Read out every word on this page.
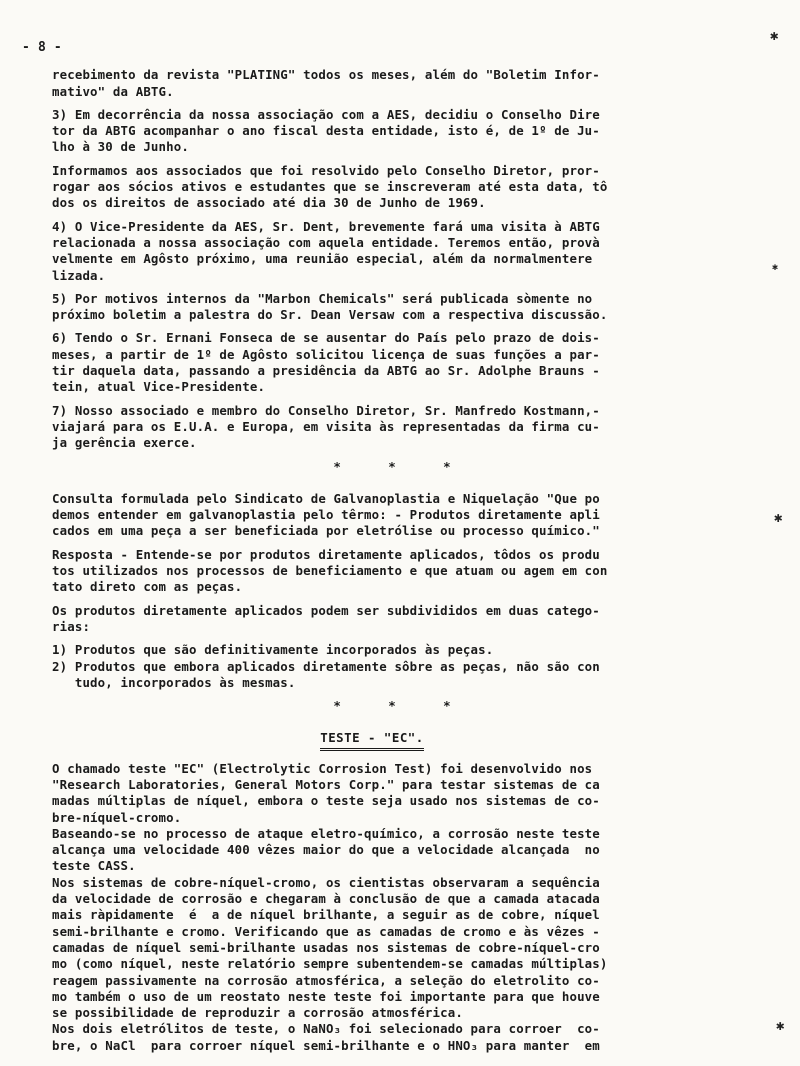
- 8 -

recebimento da revista "PLATING" todos os meses, além do "Boletim Infor-
mativo" da ABTG.

3) Em decorrência da nossa associação com a AES, decidiu o Conselho Dire
tor da ABTG acompanhar o ano fiscal desta entidade, isto é, de 1º de Ju-
lho à 30 de Junho.

Informamos aos associados que foi resolvido pelo Conselho Diretor, pror-
rogar aos sócios ativos e estudantes que se inscreveram até esta data, tô
dos os direitos de associado até dia 30 de Junho de 1969.

4) O Vice-Presidente da AES, Sr. Dent, brevemente fará uma visita à ABTG
relacionada a nossa associação com aquela entidade. Teremos então, provà
velmente em Agôsto próximo, uma reunião especial, além da normalmentere
lizada.

5) Por motivos internos da "Marbon Chemicals" será publicada sòmente no
próximo boletim a palestra do Sr. Dean Versaw com a respectiva discussão.

6) Tendo o Sr. Ernani Fonseca de se ausentar do País pelo prazo de dois-
meses, a partir de 1º de Agôsto solicitou licença de suas funções a par-
tir daquela data, passando a presidência da ABTG ao Sr. Adolphe Brauns -
tein, atual Vice-Presidente.

7) Nosso associado e membro do Conselho Diretor, Sr. Manfredo Kostmann,-
viajará para os E.U.A. e Europa, em visita às representadas da firma cu-
ja gerência exerce.

* * *

Consulta formulada pelo Sindicato de Galvanoplastia e Niquelação "Que po
demos entender em galvanoplastia pelo têrmo: - Produtos diretamente apli
cados em uma peça a ser beneficiada por eletrólise ou processo químico."

Resposta - Entende-se por produtos diretamente aplicados, tôdos os produ
tos utilizados nos processos de beneficiamento e que atuam ou agem em con
tato direto com as peças.

Os produtos diretamente aplicados podem ser subdivididos em duas catego-
rias:

1) Produtos que são definitivamente incorporados às peças.

2) Produtos que embora aplicados diretamente sôbre as peças, não são con
tudo, incorporados às mesmas.

* * *
TESTE - "EC".

O chamado teste "EC" (Electrolytic Corrosion Test) foi desenvolvido nos
"Research Laboratories, General Motors Corp." para testar sistemas de ca
madas múltiplas de níquel, embora o teste seja usado nos sistemas de co-
bre-níquel-cromo.

Baseando-se no processo de ataque eletro-químico, a corrosão neste teste
alcança uma velocidade 400 vêzes maior do que a velocidade alcançada  no
teste CASS.

Nos sistemas de cobre-níquel-cromo, os cientistas observaram a sequência
da velocidade de corrosão e chegaram à conclusão de que a camada atacada
mais ràpidamente  é  a de níquel brilhante, a seguir as de cobre, níquel
semi-brilhante e cromo. Verificando que as camadas de cromo e às vêzes -
camadas de níquel semi-brilhante usadas nos sistemas de cobre-níquel-cro
mo (como níquel, neste relatório sempre subentendem-se camadas múltiplas)
reagem passivamente na corrosão atmosférica, a seleção do eletrolito co-
mo também o uso de um reostato neste teste foi importante para que houve
se possibilidade de reproduzir a corrosão atmosférica.

Nos dois eletrólitos de teste, o NaNO₃ foi selecionado para corroer  co-
bre, o NaCl  para corroer níquel semi-brilhante e o HNO₃ para manter  em

✱
✱
✱
✱
